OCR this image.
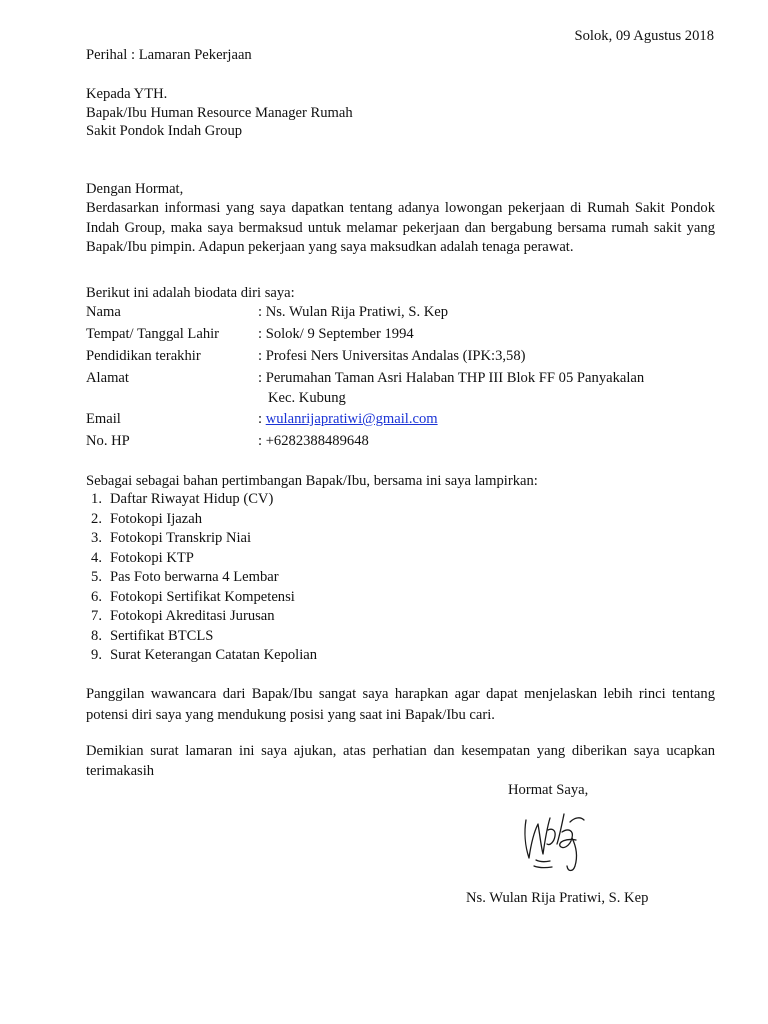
Solok, 09 Agustus 2018
Perihal : Lamaran Pekerjaan
Kepada YTH.
Bapak/Ibu Human Resource Manager Rumah
Sakit Pondok Indah Group
Dengan Hormat,
Berdasarkan informasi yang saya dapatkan tentang adanya lowongan pekerjaan di Rumah Sakit Pondok Indah Group, maka saya bermaksud untuk melamar pekerjaan dan bergabung bersama rumah sakit yang Bapak/Ibu pimpin. Adapun pekerjaan yang saya maksudkan adalah tenaga perawat.
Berikut ini adalah biodata diri saya:
Nama	: Ns. Wulan Rija Pratiwi, S. Kep
Tempat/ Tanggal Lahir	: Solok/ 9 September 1994
Pendidikan terakhir	: Profesi Ners Universitas Andalas (IPK:3,58)
Alamat	: Perumahan Taman Asri Halaban THP III Blok FF 05 Panyakalan
Kec. Kubung
Email	: wulanrijapratiwi@gmail.com
No. HP	: +6282388489648
Sebagai sebagai bahan pertimbangan Bapak/Ibu, bersama ini saya lampirkan:
1. Daftar Riwayat Hidup (CV)
2. Fotokopi Ijazah
3. Fotokopi Transkrip Niai
4. Fotokopi KTP
5. Pas Foto berwarna 4 Lembar
6. Fotokopi Sertifikat Kompetensi
7. Fotokopi Akreditasi Jurusan
8. Sertifikat BTCLS
9. Surat Keterangan Catatan Kepolian
Panggilan wawancara dari Bapak/Ibu sangat saya harapkan agar dapat menjelaskan lebih rinci tentang potensi diri saya yang mendukung posisi yang saat ini Bapak/Ibu cari.
Demikian surat lamaran ini saya ajukan, atas perhatian dan kesempatan yang diberikan saya ucapkan terimakasih
Hormat Saya,
Ns. Wulan Rija Pratiwi, S. Kep
